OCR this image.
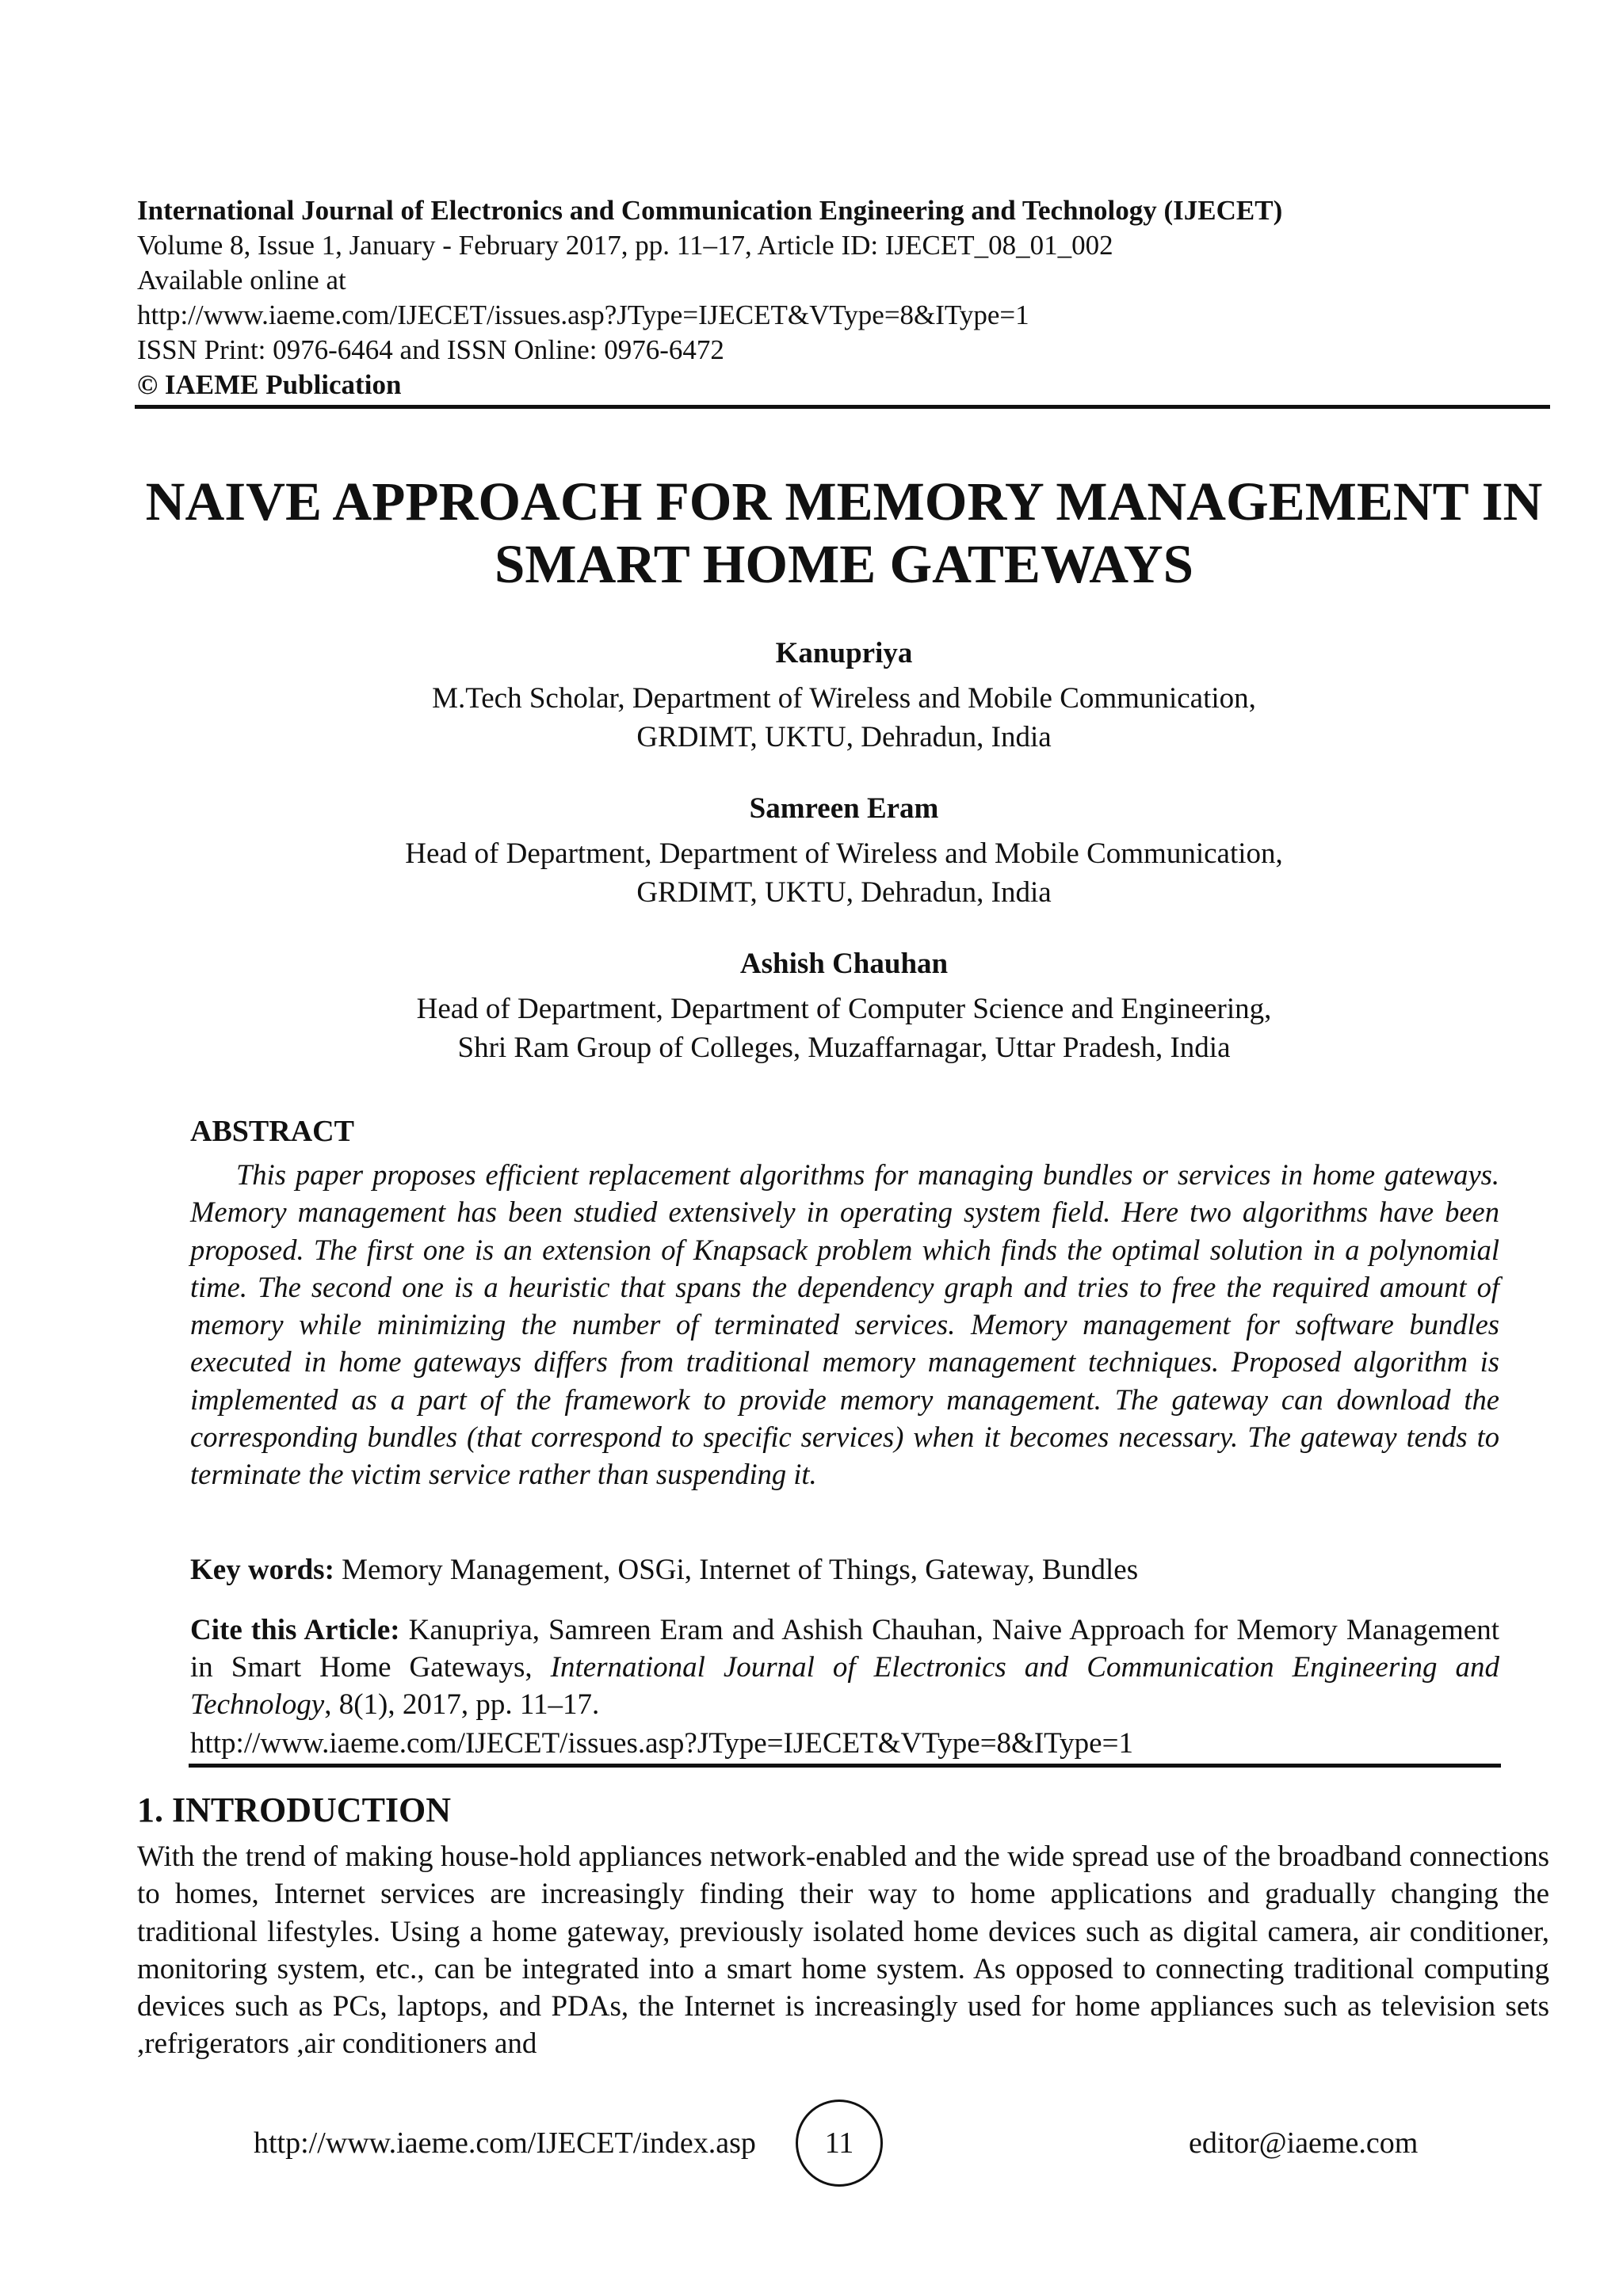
International Journal of Electronics and Communication Engineering and Technology (IJECET)
Volume 8, Issue 1, January - February 2017, pp. 11–17, Article ID: IJECET_08_01_002
Available online at
http://www.iaeme.com/IJECET/issues.asp?JType=IJECET&VType=8&IType=1
ISSN Print: 0976-6464 and ISSN Online: 0976-6472
© IAEME Publication
NAIVE APPROACH FOR MEMORY MANAGEMENT IN
SMART HOME GATEWAYS
Kanupriya
M.Tech Scholar, Department of Wireless and Mobile Communication,
GRDIMT, UKTU, Dehradun, India
Samreen Eram
Head of Department, Department of Wireless and Mobile Communication,
GRDIMT, UKTU, Dehradun, India
Ashish Chauhan
Head of Department, Department of Computer Science and Engineering,
Shri Ram Group of Colleges, Muzaffarnagar, Uttar Pradesh, India
ABSTRACT
This paper proposes efficient replacement algorithms for managing bundles or services in home gateways. Memory management has been studied extensively in operating system field. Here two algorithms have been proposed. The first one is an extension of Knapsack problem which finds the optimal solution in a polynomial time. The second one is a heuristic that spans the dependency graph and tries to free the required amount of memory while minimizing the number of terminated services. Memory management for software bundles executed in home gateways differs from traditional memory management techniques. Proposed algorithm is implemented as a part of the framework to provide memory management. The gateway can download the corresponding bundles (that correspond to specific services) when it becomes necessary. The gateway tends to terminate the victim service rather than suspending it.
Key words: Memory Management, OSGi, Internet of Things, Gateway, Bundles
Cite this Article: Kanupriya, Samreen Eram and Ashish Chauhan, Naive Approach for Memory Management in Smart Home Gateways, International Journal of Electronics and Communication Engineering and Technology, 8(1), 2017, pp. 11–17.
http://www.iaeme.com/IJECET/issues.asp?JType=IJECET&VType=8&IType=1
1. INTRODUCTION
With the trend of making house-hold appliances network-enabled and the wide spread use of the broadband connections to homes, Internet services are increasingly finding their way to home applications and gradually changing the traditional lifestyles. Using a home gateway, previously isolated home devices such as digital camera, air conditioner, monitoring system, etc., can be integrated into a smart home system. As opposed to connecting traditional computing devices such as PCs, laptops, and PDAs, the Internet is increasingly used for home appliances such as television sets ,refrigerators ,air conditioners and
http://www.iaeme.com/IJECET/index.asp 11	editor@iaeme.com
